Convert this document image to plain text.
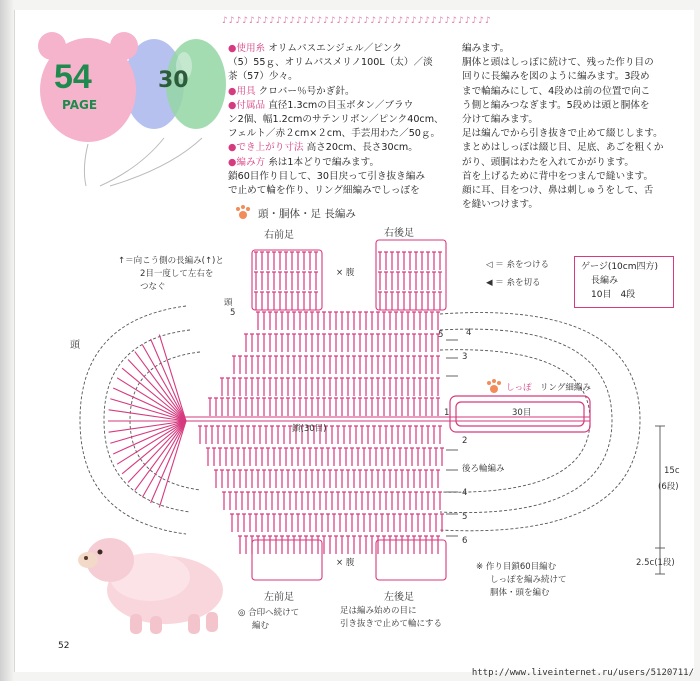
54
PAGE
30
♪♪♪♪♪♪♪♪♪♪♪♪♪♪♪♪♪♪♪♪♪♪♪♪♪♪♪♪♪♪♪♪♪♪♪♪♪♪♪♪
●使用糸 オリムパスエンジェル／ピンク
（5）55ｇ、オリムパスメリノ100L（太）／淡
茶（57）少々。
●用具 クロバー％号かぎ針。
●付属品 直径1.3cmの目玉ボタン／ブラウ
ン2個、幅1.2cmのサテンリボン／ピンク40cm、
フェルト／赤２cm×２cm、手芸用わた／50ｇ。
●でき上がり寸法 高さ20cm、長さ30cm。
●編み方 糸は1本どりで編みます。
鎖60目作り目して、30目戻って引き抜き編み
で止めて輪を作り、リング細編みでしっぽを
編みます。
胴体と頭はしっぽに続けて、残った作り目の
回りに長編みを図のように編みます。3段め
まで輪編みにして、4段めは前の位置で向こ
う側と編みつなぎます。5段めは頭と胴体を
分けて編みます。
足は編んでから引き抜きで止めて綴じします。
まとめはしっぽは綴じ目、足底、あごを粗くか
がり、頭胴はわたを入れてかがります。
首を上げるために背中をつまんで縫います。
顔に耳、目をつけ、鼻は刺しゅうをして、舌
を縫いつけます。
頭・胴体・足 長編み
右前足	右後足
左前足	左後足
頭
頭
5
× 腹
× 腹
しっぽ リング細編み
30目
鎖(30目)
後ろ輪編み
↑＝向こう側の長編み(↑)と
2目一度して左右を
つなぐ
◁ ＝ 糸をつける
◀ ＝ 糸を切る
※ 作り目鎖60目編む
しっぽを編み続けて
胴体・頭を編む
◎ 合印へ続けて
編む
足は編み始めの目に
引き抜きで止めて輪にする
15c
(6段)
2.5c(1段)
5	4
3
1
2
4
5
6
ゲージ(10cm四方)
長編み
10目　4段
52
http://www.liveinternet.ru/users/5120711/
